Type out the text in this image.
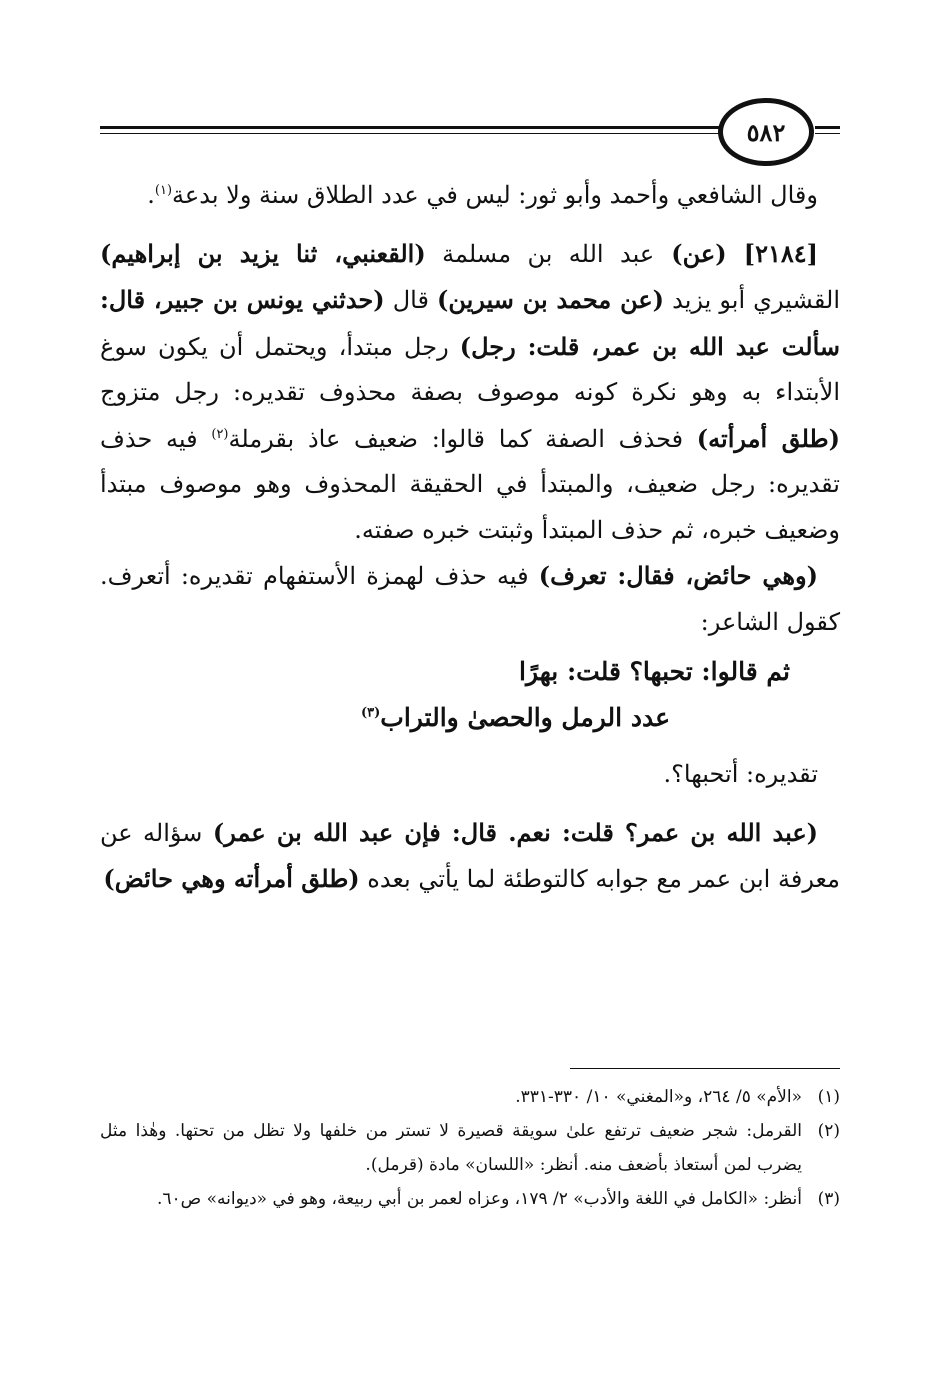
٥٨٢

وقال الشافعي وأحمد وأبو ثور: ليس في عدد الطلاق سنة ولا بدعة$^{(١)}$.

[٢١٨٤] (عن) عبد الله بن مسلمة (القعنبي، ثنا يزيد بن إبراهيم) القشيري أبو يزيد (عن محمد بن سيرين) قال (حدثني يونس بن جبير، قال: سألت عبد الله بن عمر، قلت: رجل) رجل مبتدأ، ويحتمل أن يكون سوغ الأبتداء به وهو نكرة كونه موصوف بصفة محذوف تقديره: رجل متزوج (طلق أمرأته) فحذف الصفة كما قالوا: ضعيف عاذ بقرملة$^{(٢)}$ فيه حذف تقديره: رجل ضعيف، والمبتدأ في الحقيقة المحذوف وهو موصوف مبتدأ وضعيف خبره، ثم حذف المبتدأ وثبتت خبره صفته.

(وهي حائض، فقال: تعرف) فيه حذف لهمزة الأستفهام تقديره: أتعرف. كقول الشاعر:

ثم قالوا: تحبها؟ قلت: بهرًا

عدد الرمل والحصىٰ والتراب$^{(٣)}$

تقديره: أتحبها؟.

(عبد الله بن عمر؟ قلت: نعم. قال: فإن عبد الله بن عمر) سؤاله عن معرفة ابن عمر مع جوابه كالتوطئة لما يأتي بعده (طلق أمرأته وهي حائض)

(١)
«الأم» ٥/ ٢٦٤، و«المغني» ١٠/ ٣٣٠-٣٣١.
(٢)
القرمل: شجر ضعيف ترتفع علىٰ سويقة قصيرة لا تستر من خلفها ولا تظل من تحتها. وهٰذا مثل يضرب لمن أستعاذ بأضعف منه. أنظر: «اللسان» مادة (قرمل).
(٣)
أنظر: «الكامل في اللغة والأدب» ٢/ ١٧٩، وعزاه لعمر بن أبي ربيعة، وهو في «ديوانه» ص٦٠.
